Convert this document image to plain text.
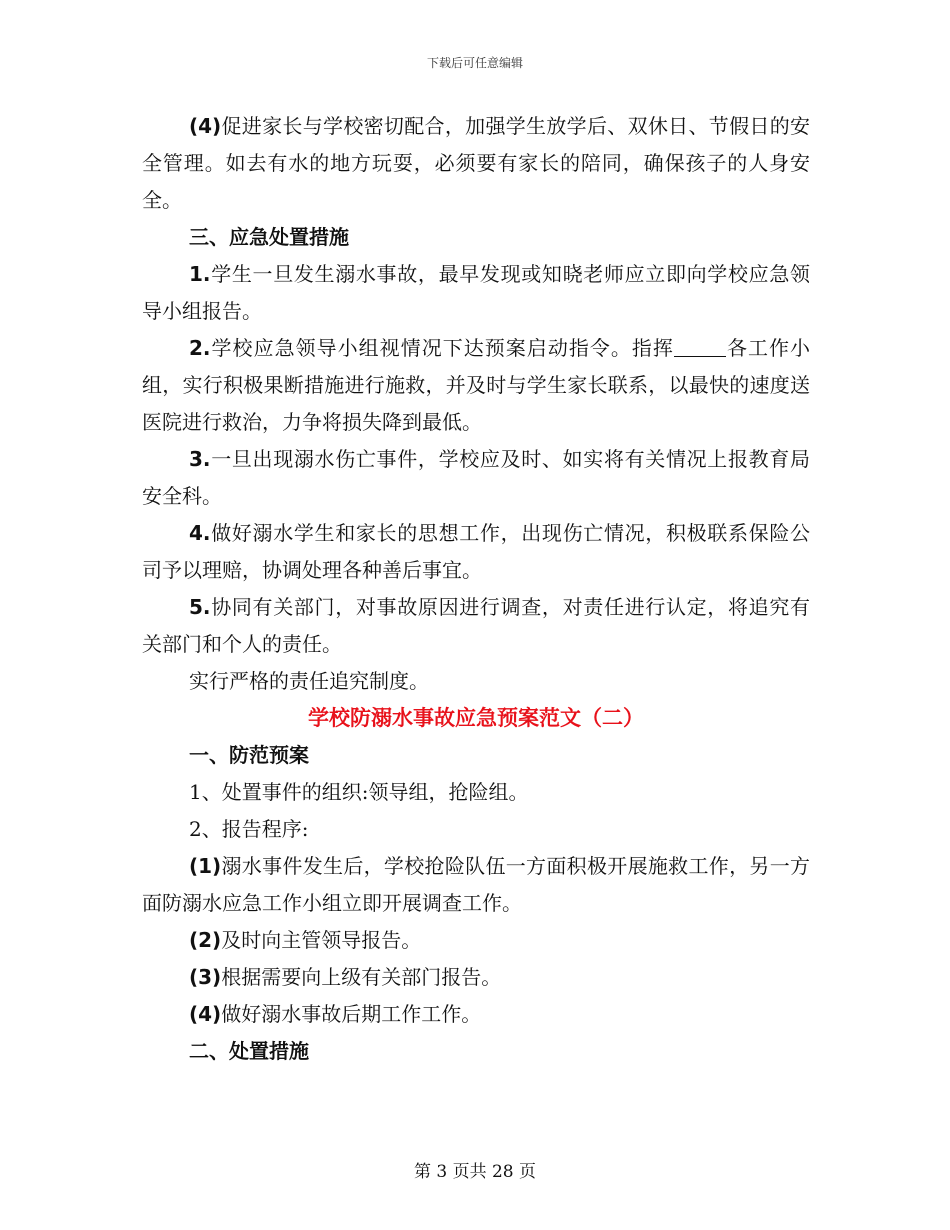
下载后可任意编辑

(4)促进家长与学校密切配合，加强学生放学后、双休日、节假日的安全管理。如去有水的地方玩耍，必须要有家长的陪同，确保孩子的人身安全。

三、应急处置措施

1.学生一旦发生溺水事故，最早发现或知晓老师应立即向学校应急领导小组报告。

2.学校应急领导小组视情况下达预案启动指令。指挥	各工作小组，实行积极果断措施进行施救，并及时与学生家长联系，以最快的速度送医院进行救治，力争将损失降到最低。

3.一旦出现溺水伤亡事件，学校应及时、如实将有关情况上报教育局安全科。

4.做好溺水学生和家长的思想工作，出现伤亡情况，积极联系保险公司予以理赔，协调处理各种善后事宜。

5.协同有关部门，对事故原因进行调查，对责任进行认定，将追究有关部门和个人的责任。

实行严格的责任追究制度。

学校防溺水事故应急预案范文（二）

一、防范预案

1、处置事件的组织:领导组，抢险组。

2、报告程序:

(1)溺水事件发生后，学校抢险队伍一方面积极开展施救工作，另一方面防溺水应急工作小组立即开展调查工作。

(2)及时向主管领导报告。

(3)根据需要向上级有关部门报告。

(4)做好溺水事故后期工作工作。

二、处置措施

第 3 页共 28 页
